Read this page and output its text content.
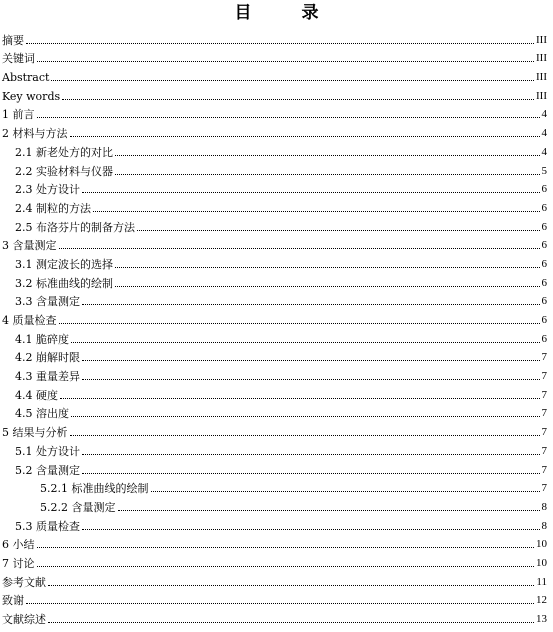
目 录
摘要	III
关键词	III
Abstract	III
Key words	III
1 前言	4
2 材料与方法	4
2.1 新老处方的对比	4
2.2 实验材料与仪器	5
2.3 处方设计	6
2.4 制粒的方法	6
2.5 布洛芬片的制备方法	6
3 含量测定	6
3.1 测定波长的选择	6
3.2 标准曲线的绘制	6
3.3 含量测定	6
4 质量检查	6
4.1 脆碎度	6
4.2 崩解时限	7
4.3 重量差异	7
4.4 硬度	7
4.5 溶出度	7
5 结果与分析	7
5.1 处方设计	7
5.2 含量测定	7
5.2.1 标准曲线的绘制	7
5.2.2 含量测定	8
5.3 质量检查	8
6 小结	10
7 讨论	10
参考文献	11
致谢	12
文献综述	13
